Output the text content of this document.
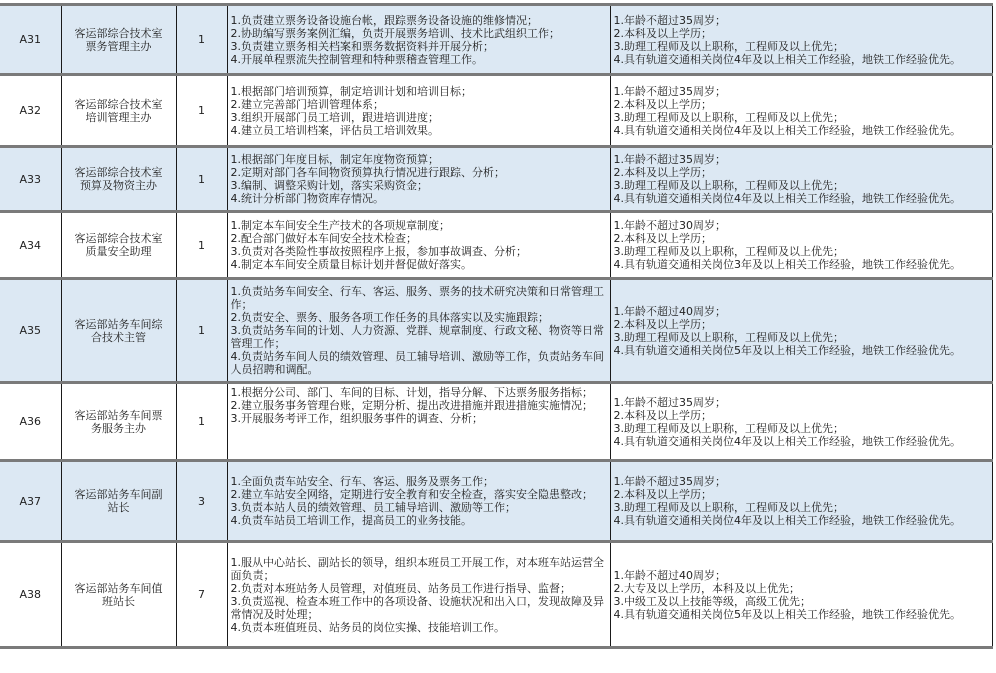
A31	客运部综合技术室
票务管理主办	1	1.负责建立票务设备设施台帐，跟踪票务设备设施的维修情况；
2.协助编写票务案例汇编，负责开展票务培训、技术比武组织工作；
3.负责建立票务相关档案和票务数据资料并开展分析；
4.开展单程票流失控制管理和特种票稽查管理工作。	1.年龄不超过35周岁；
2.本科及以上学历；
3.助理工程师及以上职称，工程师及以上优先；
4.具有轨道交通相关岗位4年及以上相关工作经验，地铁工作经验优先。

A32	客运部综合技术室
培训管理主办	1	1.根据部门培训预算，制定培训计划和培训目标；
2.建立完善部门培训管理体系；
3.组织开展部门员工培训，跟进培训进度；
4.建立员工培训档案，评估员工培训效果。	1.年龄不超过35周岁；
2.本科及以上学历；
3.助理工程师及以上职称，工程师及以上优先；
4.具有轨道交通相关岗位4年及以上相关工作经验，地铁工作经验优先。

A33	客运部综合技术室
预算及物资主办	1	1.根据部门年度目标，制定年度物资预算；
2.定期对部门各车间物资预算执行情况进行跟踪、分析；
3.编制、调整采购计划，落实采购资金；
4.统计分析部门物资库存情况。	1.年龄不超过35周岁；
2.本科及以上学历；
3.助理工程师及以上职称，工程师及以上优先；
4.具有轨道交通相关岗位4年及以上相关工作经验，地铁工作经验优先。

A34	客运部综合技术室
质量安全助理	1	1.制定本车间安全生产技术的各项规章制度；
2.配合部门做好本车间安全技术检查；
3.负责对各类险性事故按照程序上报，参加事故调查、分析；
4.制定本车间安全质量目标计划并督促做好落实。	1.年龄不超过30周岁；
2.本科及以上学历；
3.助理工程师及以上职称，工程师及以上优先；
4.具有轨道交通相关岗位3年及以上相关工作经验，地铁工作经验优先。

A35	客运部站务车间综
合技术主管	1	1.负责站务车间安全、行车、客运、服务、票务的技术研究决策和日常管理工作；
2.负责安全、票务、服务各项工作任务的具体落实以及实施跟踪；
3.负责站务车间的计划、人力资源、党群、规章制度、行政文秘、物资等日常管理工作；
4.负责站务车间人员的绩效管理、员工辅导培训、激励等工作，负责站务车间人员招聘和调配。	1.年龄不超过40周岁；
2.本科及以上学历；
3.助理工程师及以上职称，工程师及以上优先；
4.具有轨道交通相关岗位5年及以上相关工作经验，地铁工作经验优先。

A36	客运部站务车间票
务服务主办	1	1.根据分公司、部门、车间的目标、计划，指导分解、下达票务服务指标；
2.建立服务事务管理台账，定期分析、提出改进措施并跟进措施实施情况；
3.开展服务考评工作，组织服务事件的调查、分析；	1.年龄不超过35周岁；
2.本科及以上学历；
3.助理工程师及以上职称，工程师及以上优先；
4.具有轨道交通相关岗位4年及以上相关工作经验，地铁工作经验优先。

A37	客运部站务车间副
站长	3	1.全面负责车站安全、行车、客运、服务及票务工作；
2.建立车站安全网络，定期进行安全教育和安全检查，落实安全隐患整改；
3.负责本站人员的绩效管理、员工辅导培训、激励等工作；
4.负责车站员工培训工作，提高员工的业务技能。	1.年龄不超过35周岁；
2.本科及以上学历；
3.助理工程师及以上职称，工程师及以上优先；
4.具有轨道交通相关岗位4年及以上相关工作经验，地铁工作经验优先。

A38	客运部站务车间值
班站长	7	1.服从中心站长、副站长的领导，组织本班员工开展工作，对本班车站运营全面负责；
2.负责对本班站务人员管理，对值班员、站务员工作进行指导、监督；
3.负责巡视、检查本班工作中的各项设备、设施状况和出入口，发现故障及异常情况及时处理；
4.负责本班值班员、站务员的岗位实操、技能培训工作。	1.年龄不超过40周岁；
2.大专及以上学历，本科及以上优先；
3.中级工及以上技能等级，高级工优先；
4.具有轨道交通相关岗位5年及以上相关工作经验，地铁工作经验优先。
